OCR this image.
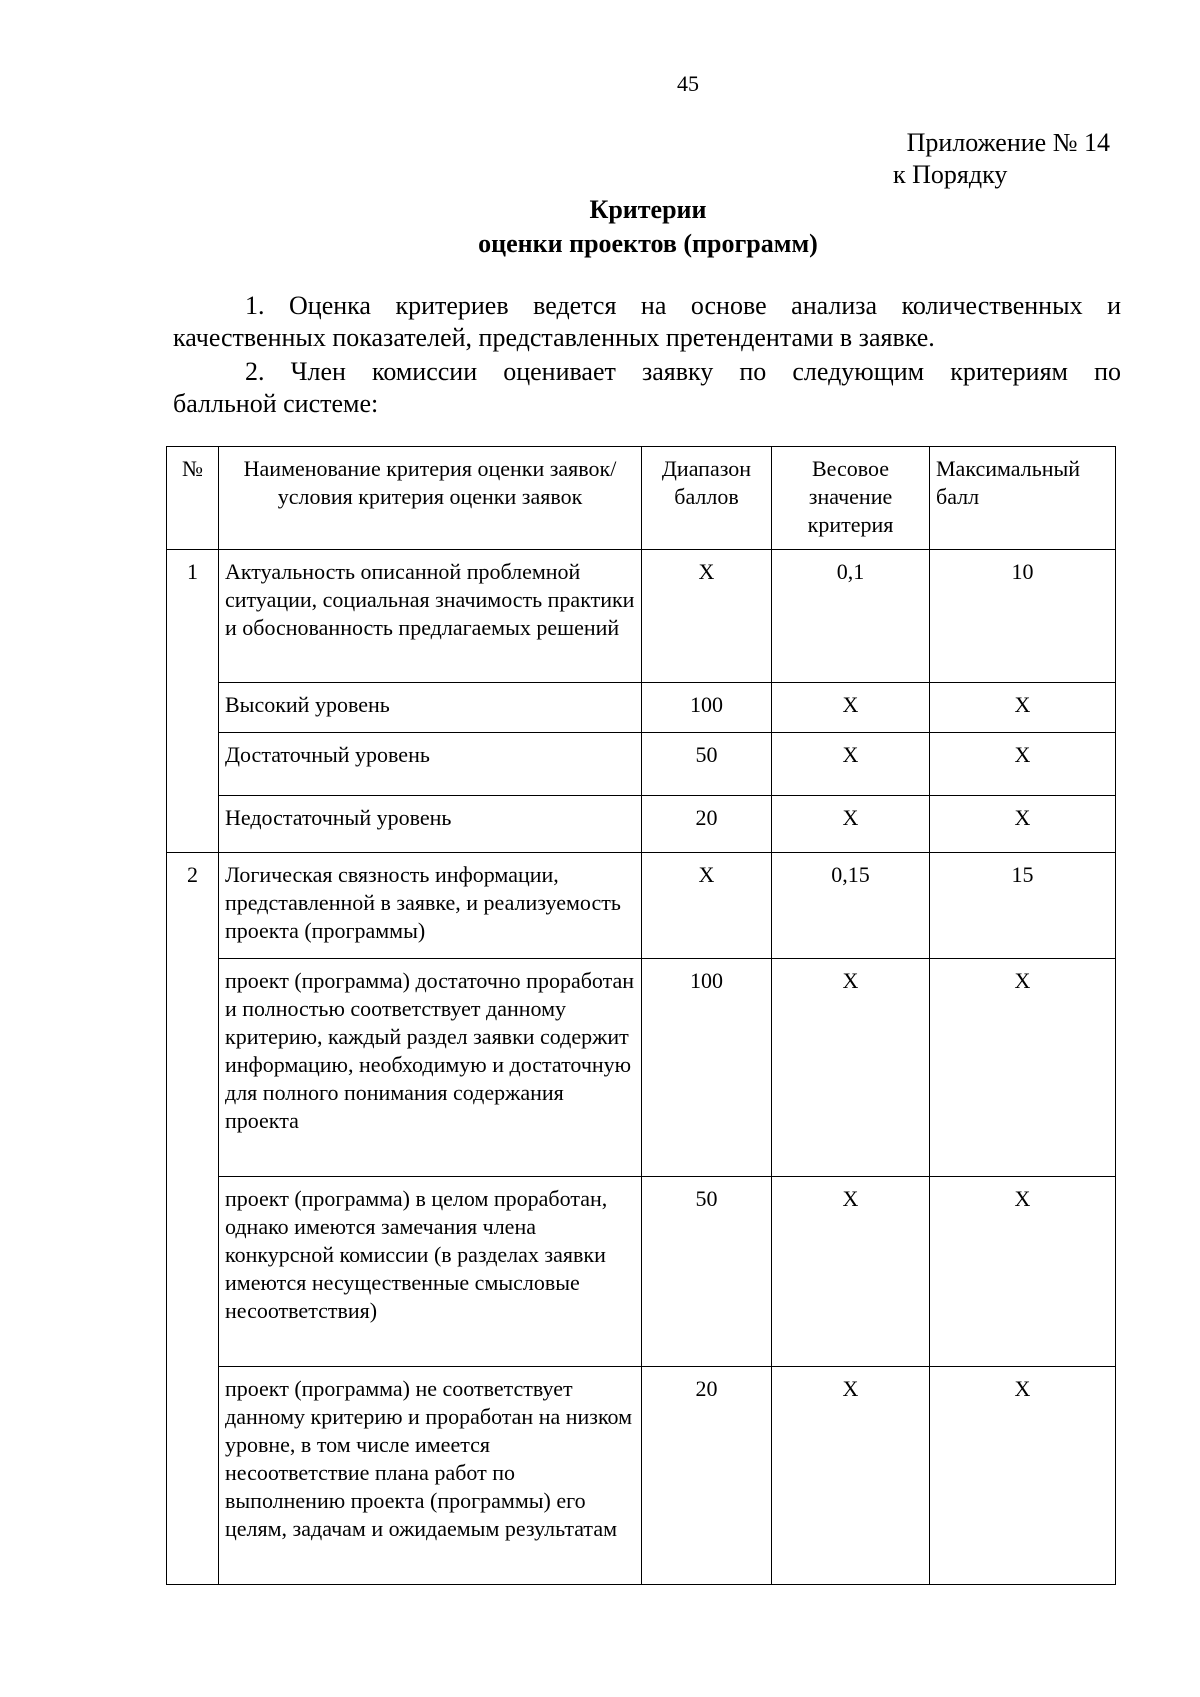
45
Приложение № 14
к Порядку
Критерии
оценки проектов (программ)
1. Оценка критериев ведется на основе анализа количественных и
качественных показателей, представленных претендентами в заявке.
2. Член комиссии оценивает заявку по следующим критериям по
балльной системе:
№	Наименование критерия оценки заявок/условия критерия оценки заявок	Диапазон баллов	Весовое значение критерия	Максимальный балл
1	Актуальность описанной проблемной ситуации, социальная значимость практики и обоснованность предлагаемых решений	X	0,1	10
	Высокий уровень	100	X	X
	Достаточный уровень	50	X	X
	Недостаточный уровень	20	X	X
2	Логическая связность информации, представленной в заявке, и реализуемость проекта (программы)	X	0,15	15
	проект (программа) достаточно проработан и полностью соответствует данному критерию, каждый раздел заявки содержит информацию, необходимую и достаточную для полного понимания содержания проекта	100	X	X
	проект (программа) в целом проработан, однако имеются замечания члена конкурсной комиссии (в разделах заявки имеются несущественные смысловые несоответствия)	50	X	X
	проект (программа) не соответствует данному критерию и проработан на низком уровне, в том числе имеется несоответствие плана работ по выполнению проекта (программы) его целям, задачам и ожидаемым результатам	20	X	X
